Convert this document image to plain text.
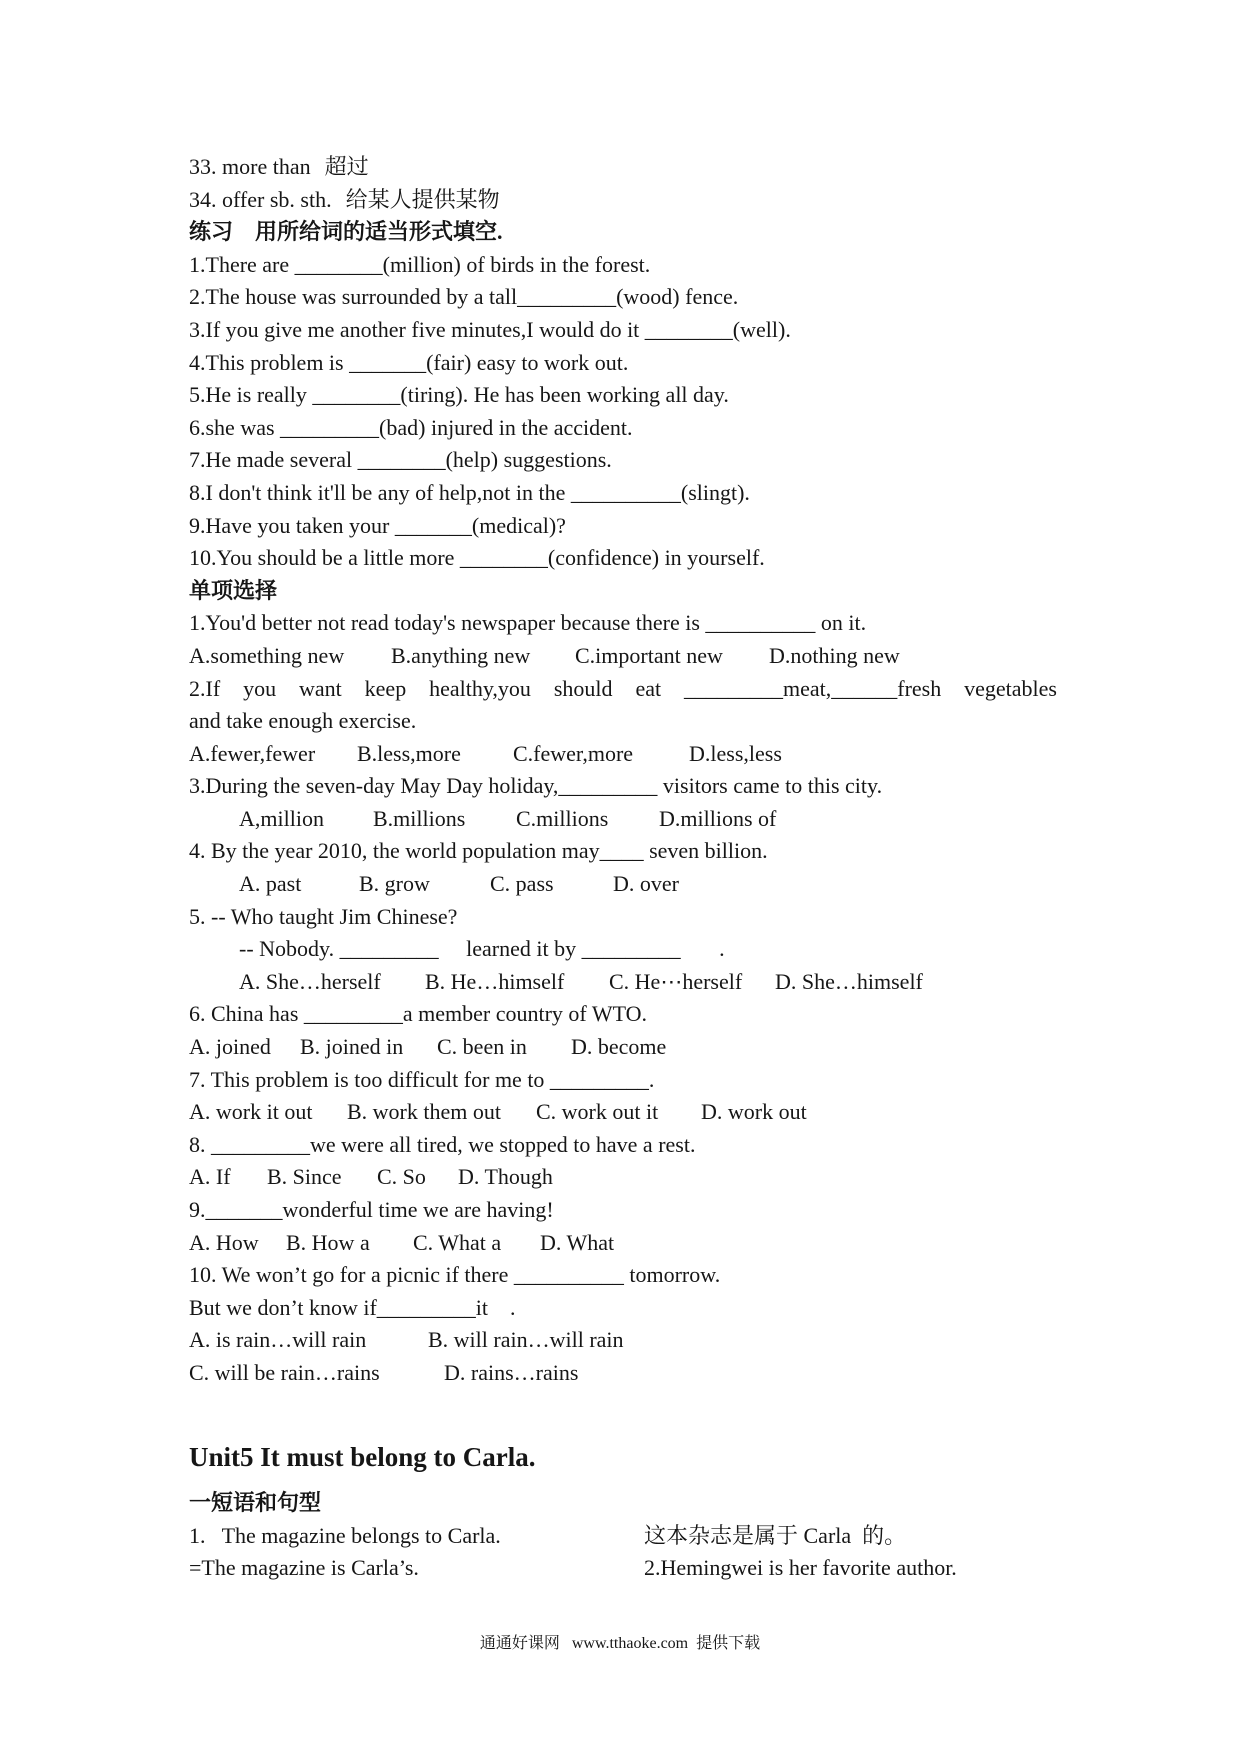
33. more than 超过
34. offer sb. sth. 给某人提供某物
练习　用所给词的适当形式填空.
1.There are ________(million) of birds in the forest.
2.The house was surrounded by a tall_________(wood) fence.
3.If you give me another five minutes,I would do it ________(well).
4.This problem is _______(fair) easy to work out.
5.He is really ________(tiring). He has been working all day.
6.she was _________(bad) injured in the accident.
7.He made several ________(help) suggestions.
8.I don't think it'll be any of help,not in the __________(slingt).
9.Have you taken your _______(medical)?
10.You should be a little more ________(confidence) in yourself.
单项选择
1.You'd better not read today's newspaper because there is __________ on it.
A.something new B.anything new C.important new D.nothing new
2.If you want keep healthy,you should eat _________meat,______fresh vegetables
and take enough exercise.
A.fewer,fewer B.less,more C.fewer,more	D.less,less
3.During the seven-day May Day holiday,_________ visitors came to this city.
A,million B.millions C.millions D.millions of
4. By the year 2010, the world population may____ seven billion.
A. past	B. grow	C. pass	D. over
5. -- Who taught Jim Chinese?
-- Nobody. _________     learned it by _________       .
A. She…herself B. He…himself C. He⋯herself D. She…himself
6. China has _________a member country of WTO.
A. joined B. joined in C. been in D. become
7. This problem is too difficult for me to _________.
A. work it out B. work them out C. work out it D. work out
8. _________we were all tired, we stopped to have a rest.
A. If B. Since C. So D. Though
9._______wonderful time we are having!
A. How B. How a C. What a D. What
10. We won’t go for a picnic if there __________ tomorrow.
But we don’t know if_________it    .
A. is rain…will rain	B. will rain…will rain
C. will be rain…rains	D. rains…rains
Unit5 It must belong to Carla.
一短语和句型
1.   The magazine belongs to Carla.	这本杂志是属于 Carla  的。
=The magazine is Carla’s.	2.Hemingwei is her favorite author.
通通好课网   www.tthaoke.com  提供下载
